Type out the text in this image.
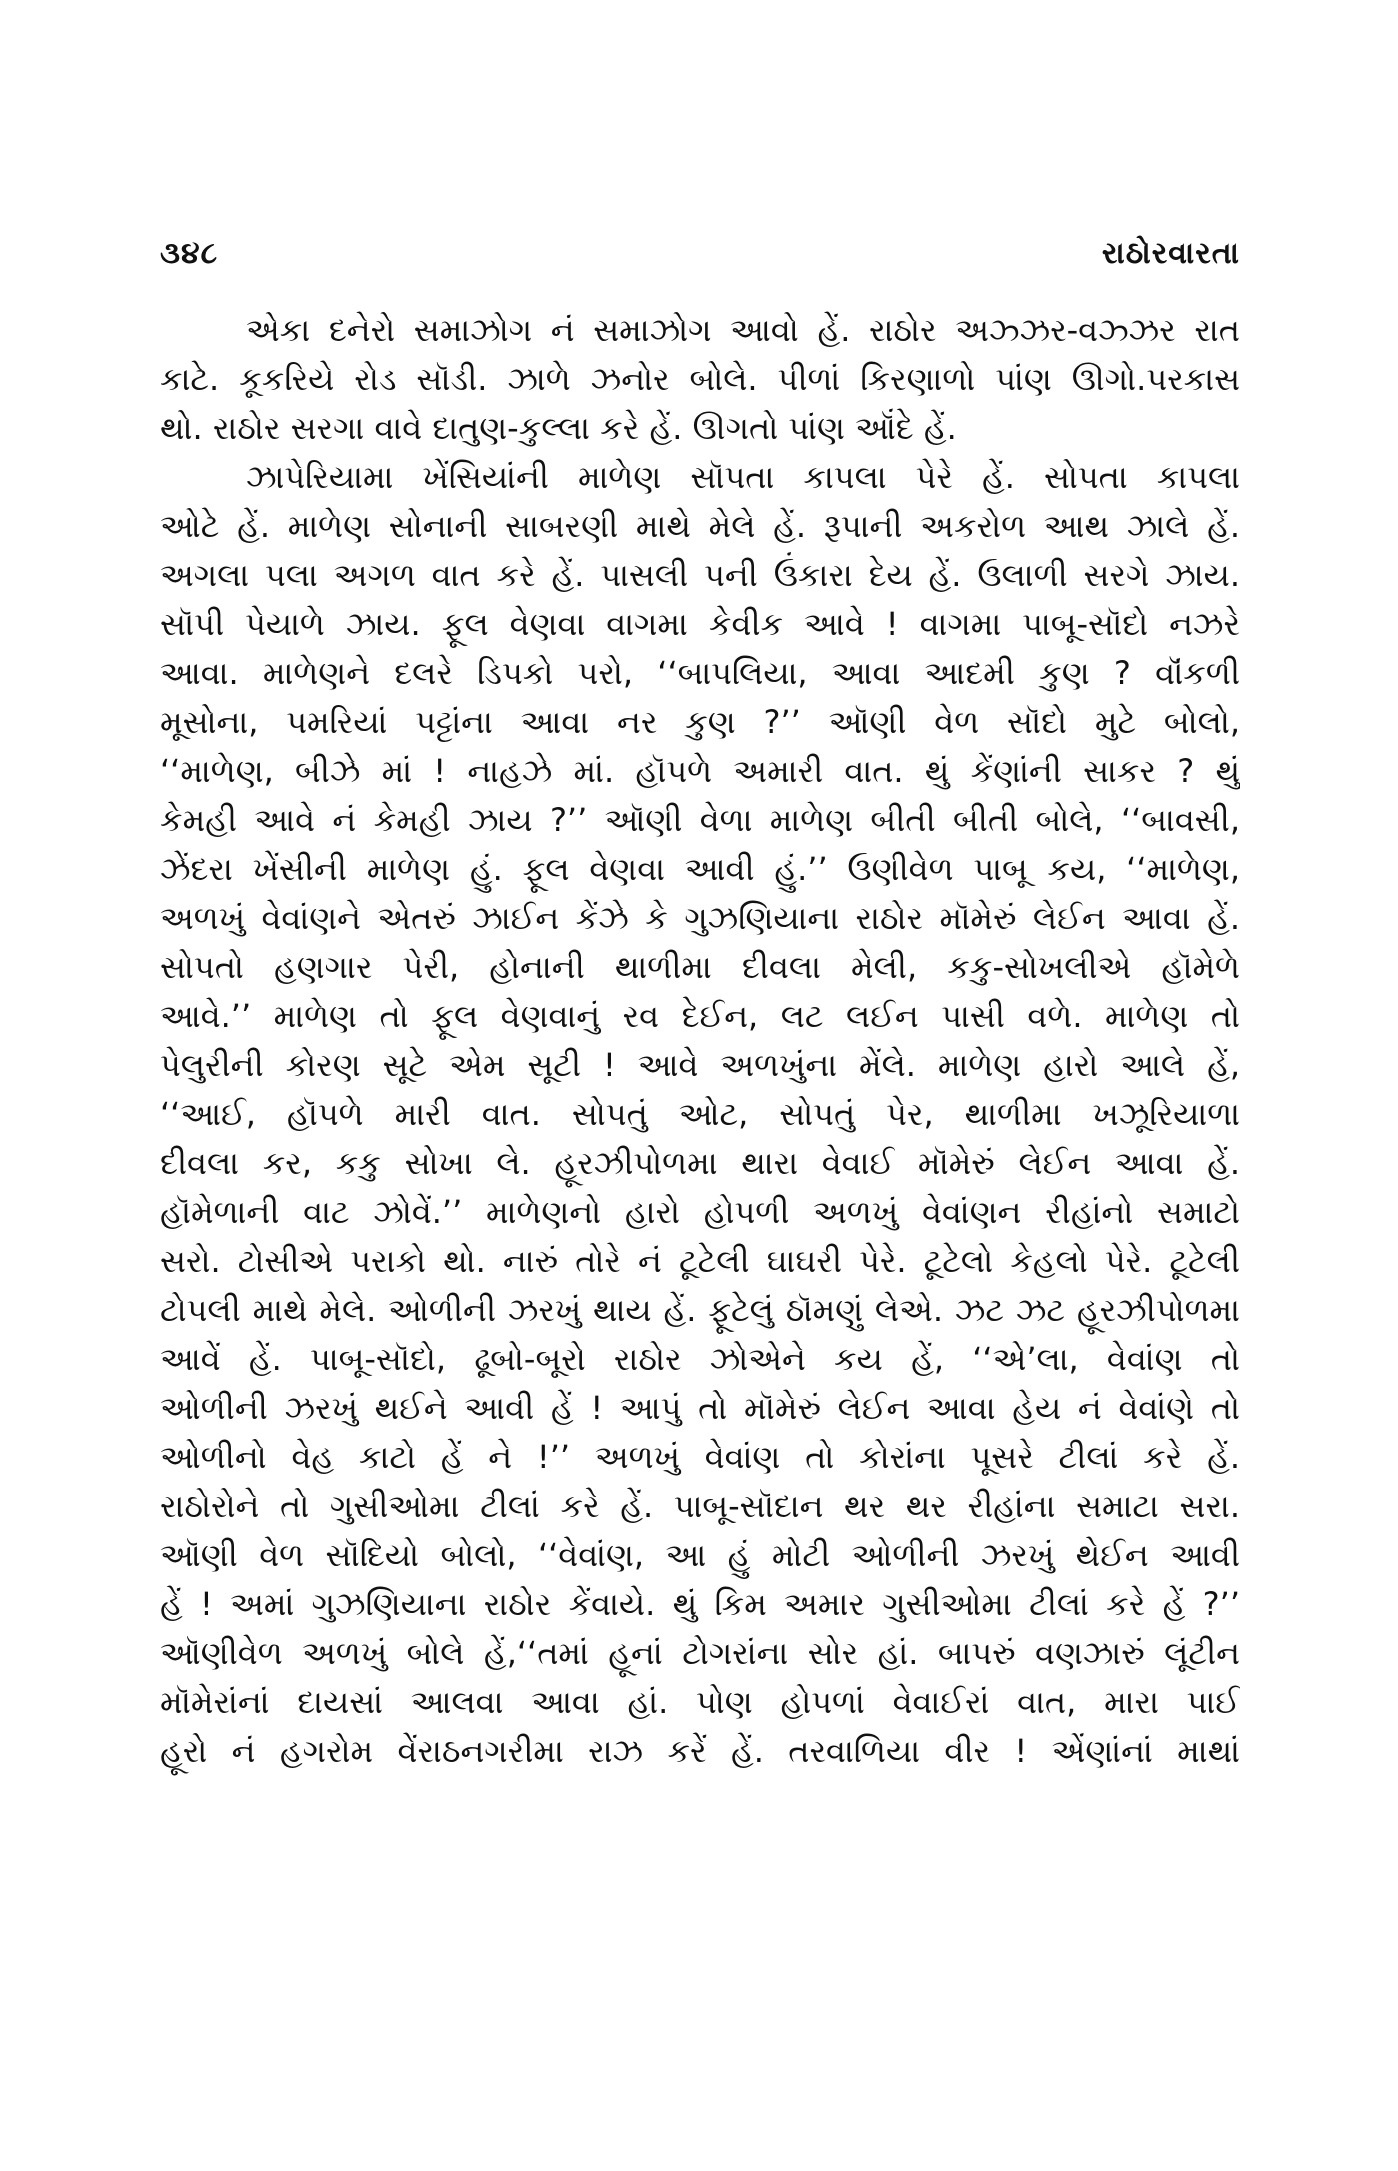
૩૪૮	રાઠોરવારતા
એકા દનેરો સમાઝોગ નં સમાઝોગ આવો હેં. રાઠોર અઝ્ઝર-વઝ્ઝર રાત
કાટે. કૂકરિયે રોડ સૉડી. ઝાળે ઝનોર બોલે. પીળાં કિરણાળો પાંણ ઊગો.પરકાસ
થો. રાઠોર સરગા વાવે દાતુણ-કુલ્લા કરે હેં. ઊગતો પાંણ ઑંદે હેં.
ઝાપેરિયામા ખેંસિયાંની માળેણ સૉપતા કાપલા પેરે હેં. સોપતા કાપલા
ઓટે હેં. માળેણ સોનાની સાબરણી માથે મેલે હેં. રૂપાની અકરોળ આથ ઝાલે હેં.
અગલા પલા અગળ વાત કરે હેં. પાસલી પની ઉંકારા દેય હેં. ઉલાળી સરગે ઝાય.
સૉપી પેયાળે ઝાય. ફૂલ વેણવા વાગમા કેવીક આવે ! વાગમા પાબૂ-સૉદો નઝરે
આવા. માળેણને દલરે ડિપકો પરો, ‘‘બાપલિયા, આવા આદમી કુણ ? વૉંકળી
મૂસોના, પમરિયાં પટ્ટાંના આવા નર કુણ ?’’ ઑણી વેળ સૉદો મુટે બોલો,
‘‘માળેણ, બીઝે માં ! નાહઝે માં. હૉપળે અમારી વાત. થું કેંણાંની સાકર ? થું
કેમહી આવે નં કેમહી ઝાય ?’’ ઑણી વેળા માળેણ બીતી બીતી બોલે, ‘‘બાવસી,
ઝેંદરા ખેંસીની માળેણ હું. ફૂલ વેણવા આવી હું.’’ ઉણીવેળ પાબૂ કય, ‘‘માળેણ,
અળખું વેવાંણને એતરું ઝાઈન કેંઝે કે ગુઝણિયાના રાઠોર મૉમેરું લેઈન આવા હેં.
સોપતો હણગાર પેરી, હોનાની થાળીમા દીવલા મેલી, કકુ-સોખલીએ હૉમેળે
આવે.’’ માળેણ તો ફૂલ વેણવાનું રવ દેઈન, લટ લઈન પાસી વળે. માળેણ તો
પેલુરીની કોરણ સૂટે એમ સૂટી ! આવે અળખુંના મેંલે. માળેણ હારો આલે હેં,
‘‘આઈ, હૉપળે મારી વાત. સોપતું ઓટ, સોપતું પેર, થાળીમા ખઝૂરિયાળા
દીવલા કર, કકુ સોખા લે. હૂરઝીપોળમા થારા વેવાઈ મૉમેરું લેઈન આવા હેં.
હૉમેળાની વાટ ઝોવેં.’’ માળેણનો હારો હોપળી અળખું વેવાંણન રીહાંનો સમાટો
સરો. ટોસીએ પરાકો થો. નારું તોરે નં ટૂટેલી ઘાઘરી પેરે. ટૂટેલો કેહલો પેરે. ટૂટેલી
ટોપલી માથે મેલે. ઓળીની ઝરખું થાય હેં. ફૂટેલું ઠૉમણું લેએ. ઝટ ઝટ હૂરઝીપોળમા
આવેં હેં. પાબૂ-સૉદો, ઢૂબો-બૂરો રાઠોર ઝોએને કય હેં, ‘‘એ’લા, વેવાંણ તો
ઓળીની ઝરખું થઈને આવી હેં ! આપું તો મૉમેરું લેઈન આવા હેય નં વેવાંણે તો
ઓળીનો વેહ કાટો હેં ને !’’ અળખું વેવાંણ તો કોરાંના પૂસરે ટીલાં કરે હેં.
રાઠોરોને તો ગુસીઓમા ટીલાં કરે હેં. પાબૂ-સૉદાન થર થર રીહાંના સમાટા સરા.
ઑણી વેળ સૉદિયો બોલો, ‘‘વેવાંણ, આ હું મોટી ઓળીની ઝરખું થેઈન આવી
હેં ! અમાં ગુઝણિયાના રાઠોર કેંવાયે. થું કિમ અમાર ગુસીઓમા ટીલાં કરે હેં ?’’
ઑણીવેળ અળખું બોલે હેં,‘‘તમાં હૂનાં ટોગરાંના સોર હાં. બાપરું વણઝારું લૂંટીન
મૉમેરાંનાં દાયસાં આલવા આવા હાં. પોણ હોપળાં વેવાઈરાં વાત, મારા પાઈ
હૂરો નં હગરોમ વેંરાઠનગરીમા રાઝ કરેં હેં. તરવાળિયા વીર ! એંણાંનાં માથાં
